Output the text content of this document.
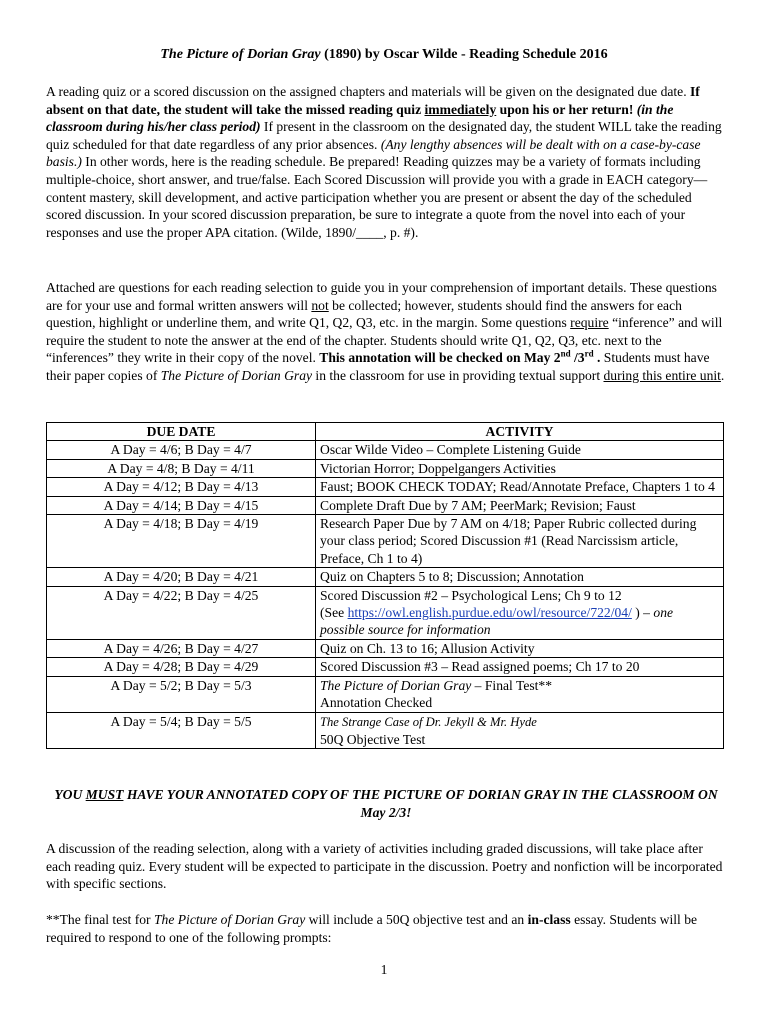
The Picture of Dorian Gray (1890) by Oscar Wilde - Reading Schedule 2016

A reading quiz or a scored discussion on the assigned chapters and materials will be given on the designated due date. If absent on that date, the student will take the missed reading quiz immediately upon his or her return! (in the classroom during his/her class period) If present in the classroom on the designated day, the student WILL take the reading quiz scheduled for that date regardless of any prior absences. (Any lengthy absences will be dealt with on a case-by-case basis.) In other words, here is the reading schedule. Be prepared! Reading quizzes may be a variety of formats including multiple-choice, short answer, and true/false. Each Scored Discussion will provide you with a grade in EACH category—content mastery, skill development, and active participation whether you are present or absent the day of the scheduled scored discussion. In your scored discussion preparation, be sure to integrate a quote from the novel into each of your responses and use the proper APA citation. (Wilde, 1890/____, p. #).

Attached are questions for each reading selection to guide you in your comprehension of important details. These questions are for your use and formal written answers will not be collected; however, students should find the answers for each question, highlight or underline them, and write Q1, Q2, Q3, etc. in the margin. Some questions require “inference” and will require the student to note the answer at the end of the chapter. Students should write Q1, Q2, Q3, etc. next to the “inferences” they write in their copy of the novel. This annotation will be checked on May 2nd /3rd . Students must have their paper copies of The Picture of Dorian Gray in the classroom for use in providing textual support during this entire unit.

DUE DATE	ACTIVITY
A Day = 4/6; B Day = 4/7	Oscar Wilde Video – Complete Listening Guide
A Day = 4/8; B Day = 4/11	Victorian Horror; Doppelgangers Activities
A Day = 4/12; B Day = 4/13	Faust; BOOK CHECK TODAY; Read/Annotate Preface, Chapters 1 to 4
A Day = 4/14; B Day = 4/15	Complete Draft Due by 7 AM; PeerMark; Revision; Faust
A Day = 4/18; B Day = 4/19	Research Paper Due by 7 AM on 4/18; Paper Rubric collected during your class period; Scored Discussion #1 (Read Narcissism article, Preface, Ch 1 to 4)
A Day = 4/20; B Day = 4/21	Quiz on Chapters 5 to 8; Discussion; Annotation
A Day = 4/22; B Day = 4/25	Scored Discussion #2 – Psychological Lens; Ch 9 to 12
(See https://owl.english.purdue.edu/owl/resource/722/04/ ) – one possible source for information
A Day = 4/26; B Day = 4/27	Quiz on Ch. 13 to 16; Allusion Activity
A Day = 4/28; B Day = 4/29	Scored Discussion #3 – Read assigned poems; Ch 17 to 20
A Day = 5/2; B Day = 5/3	The Picture of Dorian Gray – Final Test**
Annotation Checked
A Day = 5/4; B Day = 5/5	The Strange Case of Dr. Jekyll & Mr. Hyde
50Q Objective Test

YOU MUST HAVE YOUR ANNOTATED COPY OF THE PICTURE OF DORIAN GRAY IN THE CLASSROOM ON May 2/3!

A discussion of the reading selection, along with a variety of activities including graded discussions, will take place after each reading quiz. Every student will be expected to participate in the discussion. Poetry and nonfiction will be incorporated with specific sections.

**The final test for The Picture of Dorian Gray will include a 50Q objective test and an in-class essay. Students will be required to respond to one of the following prompts:

1
